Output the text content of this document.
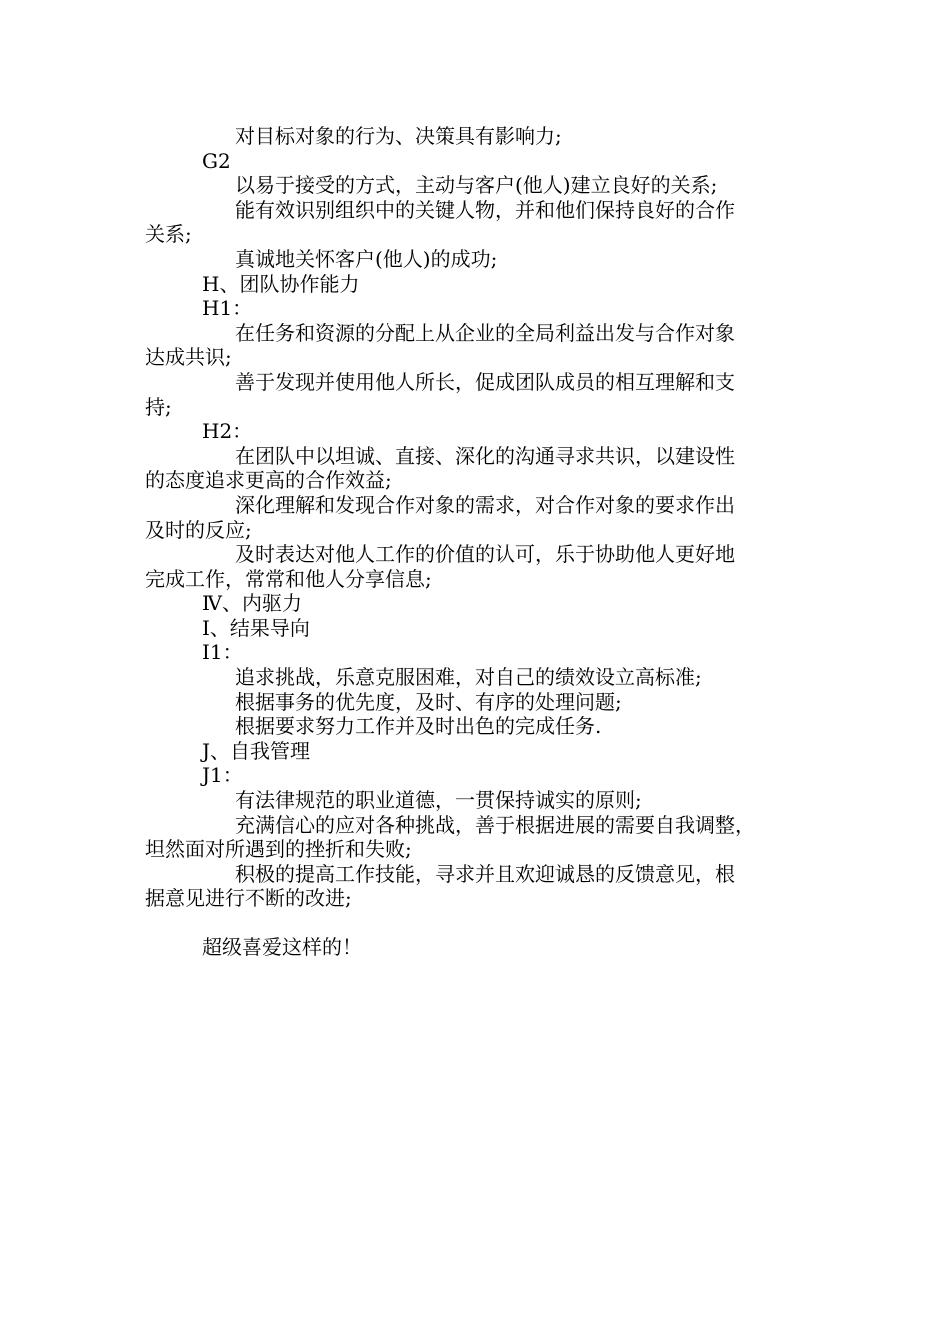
对目标对象的行为、决策具有影响力;
G2
以易于接受的方式，主动与客户(他人)建立良好的关系;
能有效识别组织中的关键人物，并和他们保持良好的合作
关系;
真诚地关怀客户(他人)的成功;
H、团队协作能力
H1：
在任务和资源的分配上从企业的全局利益出发与合作对象
达成共识;
善于发现并使用他人所长，促成团队成员的相互理解和支
持;
H2：
在团队中以坦诚、直接、深化的沟通寻求共识，以建设性
的态度追求更高的合作效益;
深化理解和发现合作对象的需求，对合作对象的要求作出
及时的反应;
及时表达对他人工作的价值的认可，乐于协助他人更好地
完成工作，常常和他人分享信息;
Ⅳ、内驱力
I、结果导向
I1：
追求挑战，乐意克服困难，对自己的绩效设立高标准;
根据事务的优先度，及时、有序的处理问题;
根据要求努力工作并及时出色的完成任务.
J、自我管理
J1：
有法律规范的职业道德，一贯保持诚实的原则;
充满信心的应对各种挑战，善于根据进展的需要自我调整，
坦然面对所遇到的挫折和失败;
积极的提高工作技能，寻求并且欢迎诚恳的反馈意见，根
据意见进行不断的改进;
超级喜爱这样的！
